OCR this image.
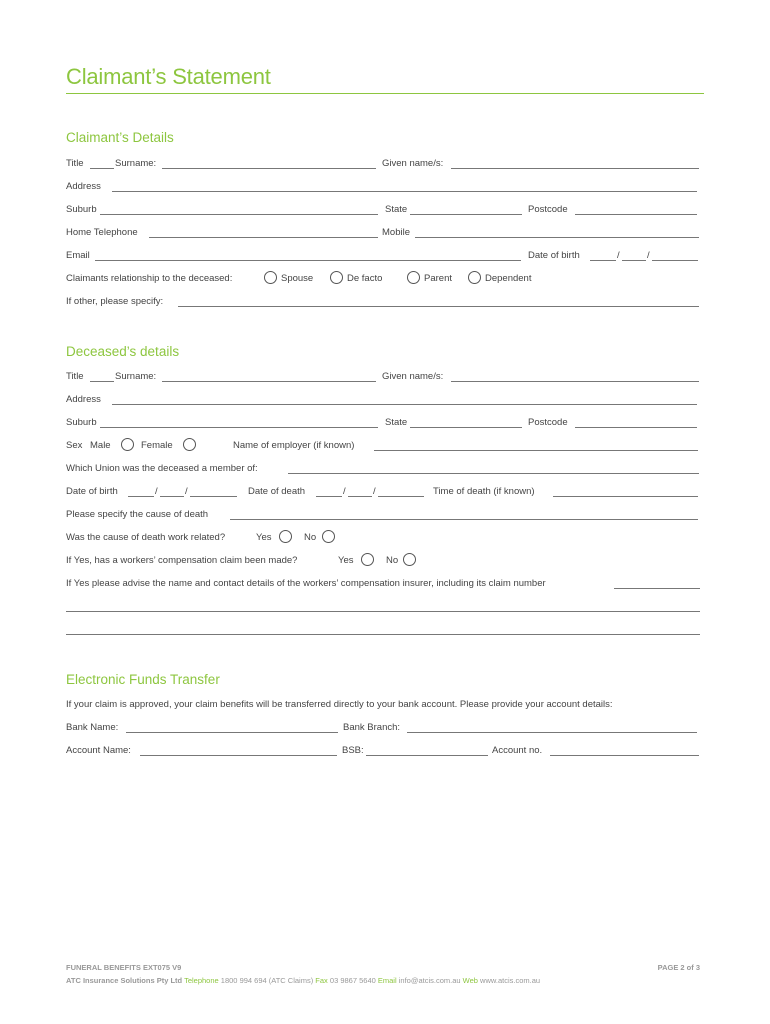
Claimant’s Statement
Claimant’s Details
Title	Surname:	Given name/s:
Address
Suburb	State	Postcode
Home Telephone	Mobile
Email	Date of birth	/	/
Claimants relationship to the deceased:	Spouse	De facto	Parent	Dependent
If other, please specify:
Deceased’s details
Title	Surname:	Given name/s:
Address
Suburb	State	Postcode
Sex Male	Female	Name of employer (if known)
Which Union was the deceased a member of:
Date of birth	/	/	Date of death	/	/	Time of death (if known)
Please specify the cause of death
Was the cause of death work related?	Yes	No
If Yes, has a workers’ compensation claim been made?	Yes	No
If Yes please advise the name and contact details of the workers’ compensation insurer, including its claim number
Electronic Funds Transfer
If your claim is approved, your claim benefits will be transferred directly to your bank account. Please provide your account details:
Bank Name:	Bank Branch:
Account Name:	BSB:	Account no.
FUNERAL BENEFITS EXT075 V9	PAGE 2 of 3
ATC Insurance Solutions Pty Ltd Telephone 1800 994 694 (ATC Claims) Fax 03 9867 5640 Email info@atcis.com.au Web www.atcis.com.au
